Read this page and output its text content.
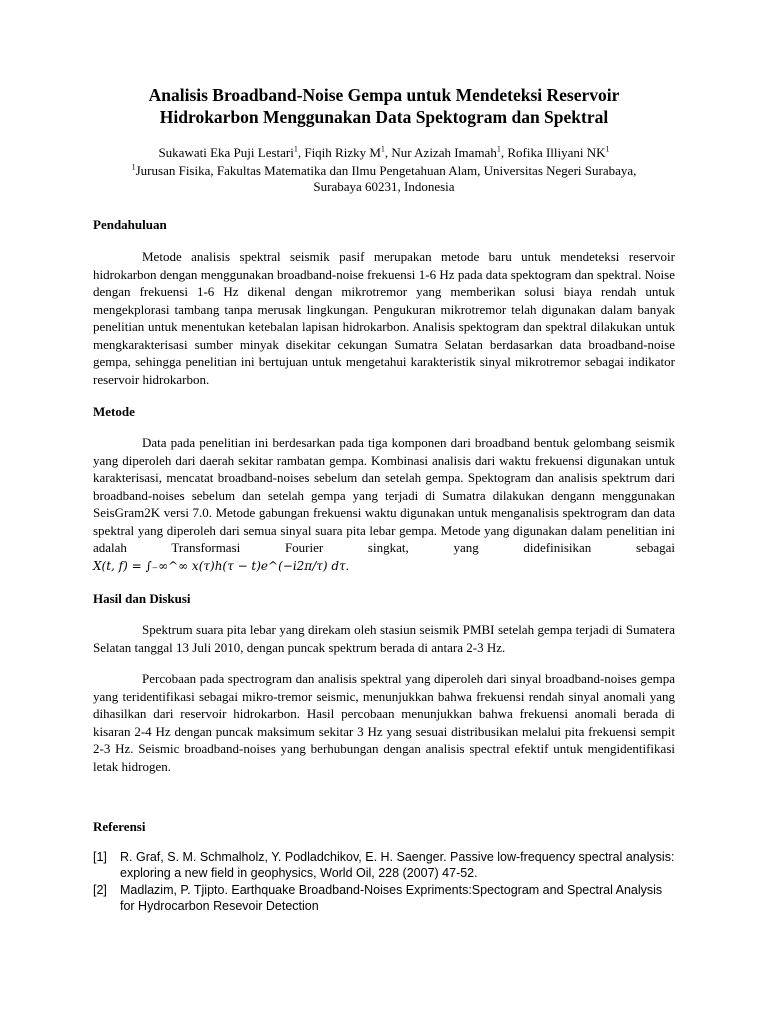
Analisis Broadband-Noise Gempa untuk Mendeteksi Reservoir
Hidrokarbon Menggunakan Data Spektogram dan Spektral
Sukawati Eka Puji Lestari$^1$, Fiqih Rizky $M^1$, Nur Azizah Imamah$^1$, Rofika Illiyani $NK^1$
$^1$Jurusan Fisika, Fakultas Matematika dan Ilmu Pengetahuan Alam, Universitas Negeri Surabaya,
Surabaya 60231, Indonesia
Pendahuluan

Metode analisis spektral seismik pasif merupakan metode baru untuk mendeteksi reservoir hidrokarbon dengan menggunakan broadband-noise frekuensi 1-6 Hz pada data spektogram dan spektral. Noise dengan frekuensi 1-6 Hz dikenal dengan mikrotremor yang memberikan solusi biaya rendah untuk mengekplorasi tambang tanpa merusak lingkungan. Pengukuran mikrotremor telah digunakan dalam banyak penelitian untuk menentukan ketebalan lapisan hidrokarbon. Analisis spektogram dan spektral dilakukan untuk mengkarakterisasi sumber minyak disekitar cekungan Sumatra Selatan berdasarkan data broadband-noise gempa, sehingga penelitian ini bertujuan untuk mengetahui karakteristik sinyal mikrotremor sebagai indikator reservoir hidrokarbon.

Metode

Data pada penelitian ini berdesarkan pada tiga komponen dari broadband bentuk gelombang seismik yang diperoleh dari daerah sekitar rambatan gempa. Kombinasi analisis dari waktu frekuensi digunakan untuk karakterisasi, mencatat broadband-noises sebelum dan setelah gempa. Spektogram dan analisis spektrum dari broadband-noises sebelum dan setelah gempa yang terjadi di Sumatra dilakukan dengann menggunakan SeisGram2K versi 7.0. Metode gabungan frekuensi waktu digunakan untuk menganalisis spektrogram dan data spektral yang diperoleh dari semua sinyal suara pita lebar gempa. Metode yang digunakan dalam penelitian ini adalah Transformasi Fourier singkat, yang didefinisikan sebagai X(t, f) = ∫₋∞^∞ x(τ)h(τ − t)e^(−i2π/τ) dτ.

Hasil dan Diskusi

Spektrum suara pita lebar yang direkam oleh stasiun seismik PMBI setelah gempa terjadi di Sumatera Selatan tanggal 13 Juli 2010, dengan puncak spektrum berada di antara 2-3 Hz.

Percobaan pada spectrogram dan analisis spektral yang diperoleh dari sinyal broadband-noises gempa yang teridentifikasi sebagai mikro-tremor seismic, menunjukkan bahwa frekuensi rendah sinyal anomali yang dihasilkan dari reservoir hidrokarbon. Hasil percobaan menunjukkan bahwa frekuensi anomali berada di kisaran 2-4 Hz dengan puncak maksimum sekitar 3 Hz yang sesuai distribusikan melalui pita frekuensi sempit 2-3 Hz. Seismic broadband-noises yang berhubungan dengan analisis spectral efektif untuk mengidentifikasi letak hidrogen.

Referensi
[1]	R. Graf, S. M. Schmalholz, Y. Podladchikov, E. H. Saenger. Passive low-frequency spectral analysis: exploring a new field in geophysics, World Oil, 228 (2007) 47-52.
[2]	Madlazim, P. Tjipto. Earthquake Broadband-Noises Expriments:Spectogram and Spectral Analysis for Hydrocarbon Resevoir Detection
